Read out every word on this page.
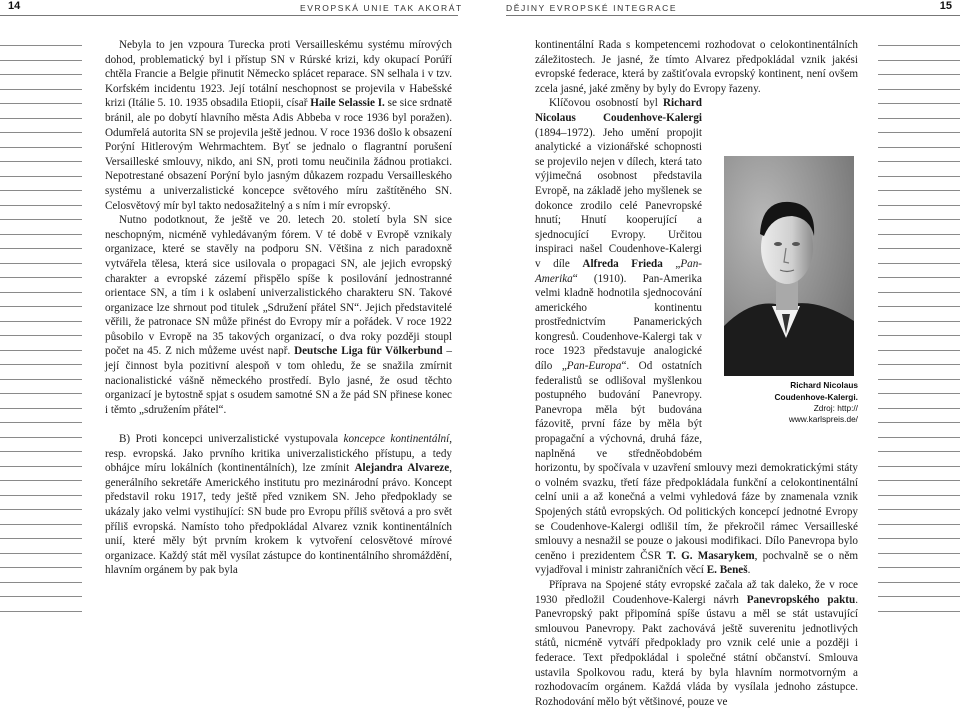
14	EVROPSKÁ UNIE TAK AKORÁT	DĚJINY EVROPSKÉ INTEGRACE	15

Nebyla to jen vzpoura Turecka proti Versailleskému systému mírových dohod, problematický byl i přístup SN v Rúrské krizi, kdy okupací Porúří chtěla Francie a Belgie přinutit Německo splácet reparace. SN selhala i v tzv. Korfském incidentu 1923. Její totální neschopnost se projevila v Habešské krizi (Itálie 5. 10. 1935 obsadila Etiopii, císař Haile Selassie I. se sice srdnatě bránil, ale po dobytí hlavního města Adis Abbeba v roce 1936 byl poražen). Odumřelá autorita SN se projevila ještě jednou. V roce 1936 došlo k obsazení Porýní Hitlerovým Wehrmachtem. Byť se jednalo o flagrantní porušení Versailleské smlouvy, nikdo, ani SN, proti tomu neučinila žádnou protiakci. Nepotrestané obsazení Porýní bylo jasným důkazem rozpadu Versailleského systému a univerzalistické koncepce světového míru zaštítěného SN. Celosvětový mír byl takto nedosažitelný a s ním i mír evropský.

Nutno podotknout, že ještě ve 20. letech 20. století byla SN sice neschopným, nicméně vyhledávaným fórem. V té době v Evropě vznikaly organizace, které se stavěly na podporu SN. Většina z nich paradoxně vytvářela tělesa, která sice usilovala o propagaci SN, ale jejich evropský charakter a evropské zázemí přispělo spíše k posilování jednostranné orientace SN, a tím i k oslabení univerzalistického charakteru SN. Takové organizace lze shrnout pod titulek „Sdružení přátel SN“. Jejich představitelé věřili, že patronace SN může přinést do Evropy mír a pořádek. V roce 1922 působilo v Evropě na 35 takových organizací, o dva roky později stoupl počet na 45. Z nich můžeme uvést např. Deutsche Liga für Völkerbund – její činnost byla pozitivní alespoň v tom ohledu, že se snažila zmírnit nacionalistické vášně německého prostředí. Bylo jasné, že osud těchto organizací je bytostně spjat s osudem samotné SN a že pád SN přinese konec i těmto „sdružením přátel“.

B) Proti koncepci univerzalistické vystupovala koncepce kontinentální, resp. evropská. Jako prvního kritika univerzalistického přístupu, a tedy obhájce míru lokálních (kontinentálních), lze zmínit Alejandra Alvareze, generálního sekretáře Amerického institutu pro mezinárodní právo. Koncept představil roku 1917, tedy ještě před vznikem SN. Jeho předpoklady se ukázaly jako velmi vystihující: SN bude pro Evropu příliš světová a pro svět příliš evropská. Namísto toho předpokládal Alvarez vznik kontinentálních unií, které měly být prvním krokem k vytvoření celosvětové mírové organizace. Každý stát měl vysílat zástupce do kontinentálního shromáždění, hlavním orgánem by pak byla

kontinentální Rada s kompetencemi rozhodovat o celokontinentálních záležitostech. Je jasné, že tímto Alvarez předpokládal vznik jakési evropské federace, která by zaštiťovala evropský kontinent, není ovšem zcela jasné, jaké změny by byly do Evropy řazeny.

Richard Nicolaus
Coudenhove-Kalergi.
Zdroj: http://
www.karlspreis.de/

Klíčovou osobností byl Richard Nicolaus Coudenhove-Kalergi (1894–1972). Jeho umění propojit analytické a vizionářské schopnosti se projevilo nejen v dílech, která tato výjimečná osobnost představila Evropě, na základě jeho myšlenek se dokonce zrodilo celé Panevropské hnutí; Hnutí kooperující a sjednocující Evropy. Určitou inspiraci našel Coudenhove-Kalergi v díle Alfreda Frieda „Pan-Amerika“ (1910). Pan-Amerika velmi kladně hodnotila sjednocování amerického kontinentu prostřednictvím Panamerických kongresů. Coudenhove-Kalergi tak v roce 1923 představuje analogické dílo „Pan-Europa“. Od ostatních federalistů se odlišoval myšlenkou postupného budování Panevropy. Panevropa měla být budována fázovitě, první fáze by měla být propagační a výchovná, druhá fáze, naplněná ve středněobdobém horizontu, by spočívala v uzavření smlouvy mezi demokratickými státy o volném svazku, třetí fáze předpokládala funkční a celokontinentální celní unii a až konečná a velmi vyhledová fáze by znamenala vznik Spojených států evropských. Od politických koncepcí jednotné Evropy se Coudenhove-Kalergi odlišil tím, že překročil rámec Versailleské smlouvy a nesnažil se pouze o jakousi modifikaci. Dílo Panevropa bylo ceněno i prezidentem ČSR T. G. Masarykem, pochvalně se o něm vyjadřoval i ministr zahraničních věcí E. Beneš.

Příprava na Spojené státy evropské začala až tak daleko, že v roce 1930 předložil Coudenhove-Kalergi návrh Panevropského paktu. Panevropský pakt připomíná spíše ústavu a měl se stát ustavující smlouvou Panevropy. Pakt zachovává ještě suverenitu jednotlivých států, nicméně vytváří předpoklady pro vznik celé unie a později i federace. Text předpokládal i společné státní občanství. Smlouva ustavila Spolkovou radu, která by byla hlavním normotvorným a rozhodovacím orgánem. Každá vláda by vysílala jednoho zástupce. Rozhodování mělo být většinové, pouze ve
